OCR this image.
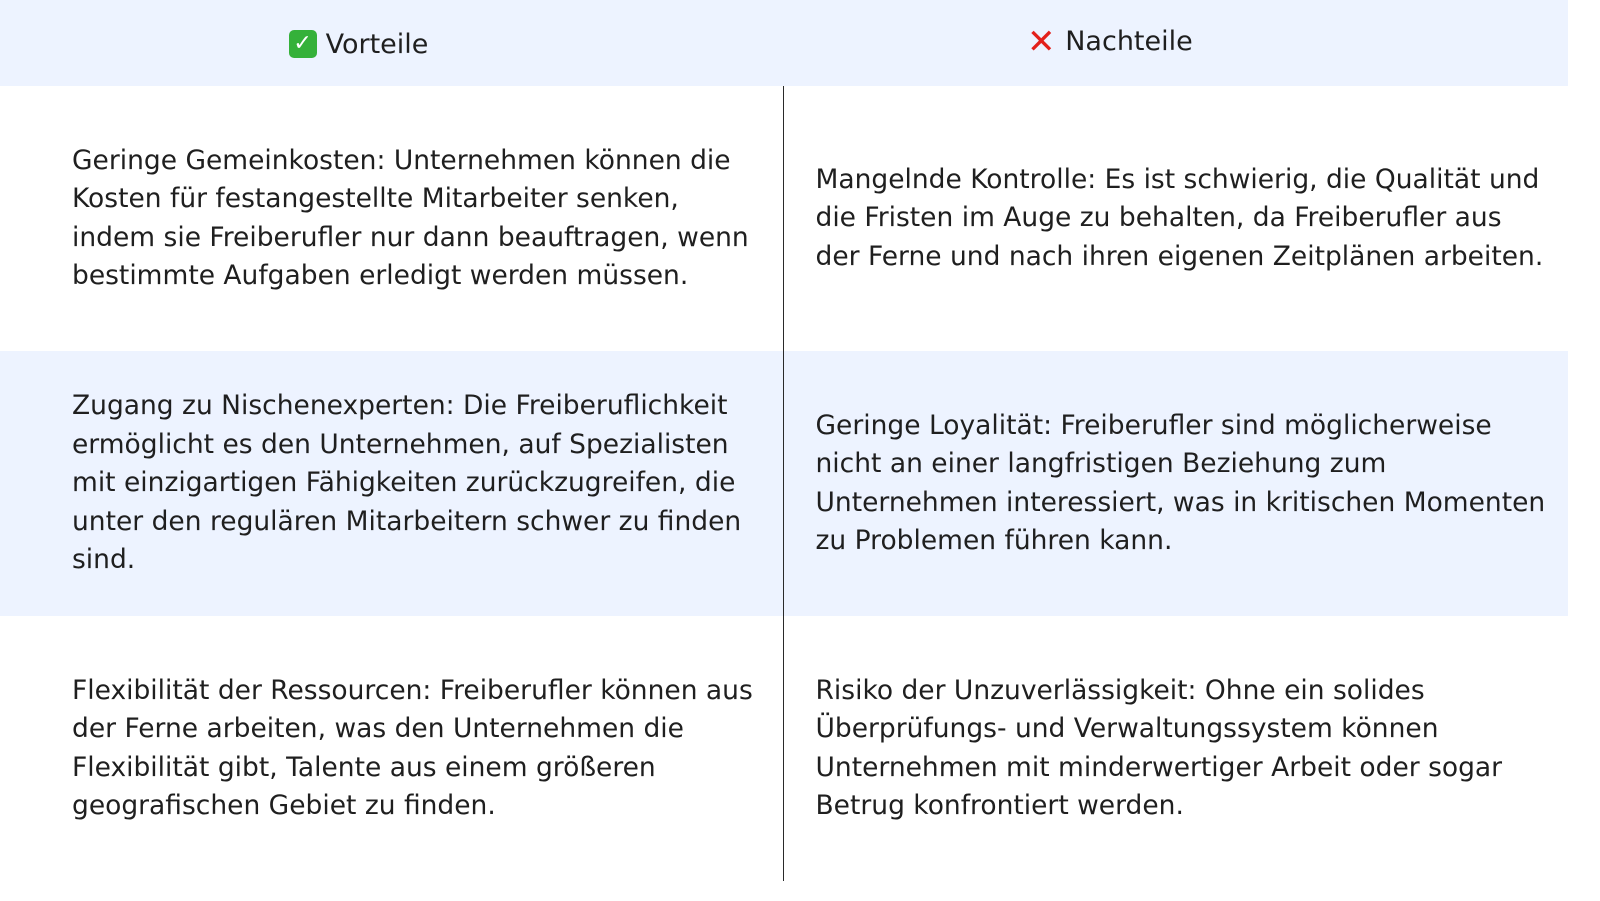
✓ Vorteile	✕ Nachteile

Geringe Gemeinkosten: Unternehmen können die Kosten für festangestellte Mitarbeiter senken, indem sie Freiberufler nur dann beauftragen, wenn bestimmte Aufgaben erledigt werden müssen.	Mangelnde Kontrolle: Es ist schwierig, die Qualität und die Fristen im Auge zu behalten, da Freiberufler aus der Ferne und nach ihren eigenen Zeitplänen arbeiten.
Zugang zu Nischenexperten: Die Freiberuflichkeit ermöglicht es den Unternehmen, auf Spezialisten mit einzigartigen Fähigkeiten zurückzugreifen, die unter den regulären Mitarbeitern schwer zu finden sind.	Geringe Loyalität: Freiberufler sind möglicherweise nicht an einer langfristigen Beziehung zum Unternehmen interessiert, was in kritischen Momenten zu Problemen führen kann.
Flexibilität der Ressourcen: Freiberufler können aus der Ferne arbeiten, was den Unternehmen die Flexibilität gibt, Talente aus einem größeren geografischen Gebiet zu finden.	Risiko der Unzuverlässigkeit: Ohne ein solides Überprüfungs- und Verwaltungssystem können Unternehmen mit minderwertiger Arbeit oder sogar Betrug konfrontiert werden.
